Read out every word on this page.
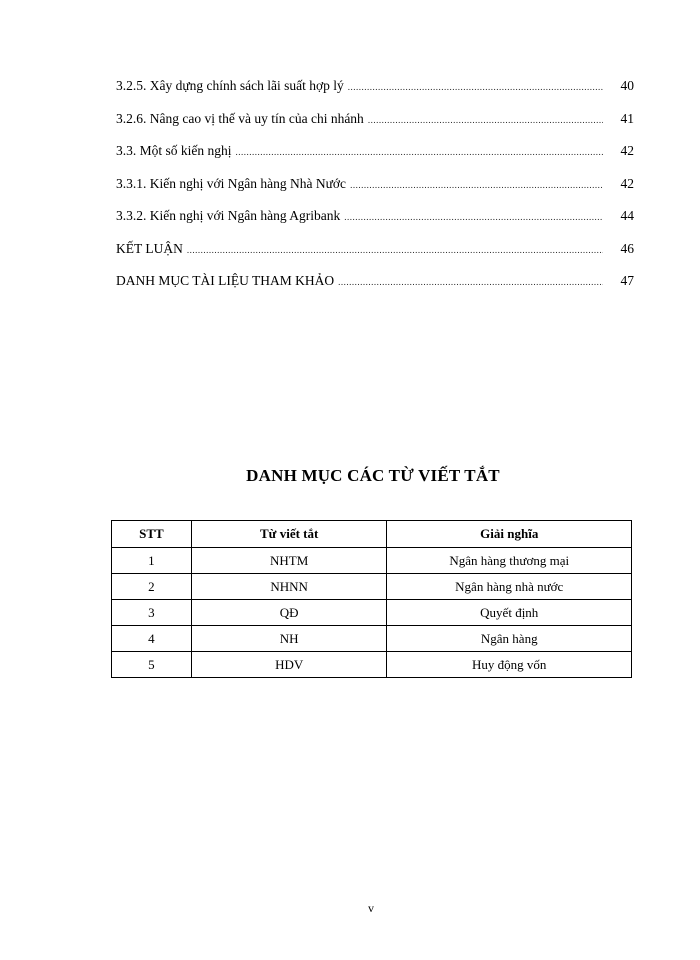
3.2.5. Xây dựng chính sách lãi suất hợp lý .....	40
3.2.6. Nâng cao vị thế và uy tín của chi nhánh .....	41
3.3. Một số kiến nghị .....	42
3.3.1. Kiến nghị với Ngân hàng Nhà Nước .....	42
3.3.2. Kiến nghị với Ngân hàng Agribank .....	44
KẾT LUẬN .....	46
DANH MỤC TÀI LIỆU THAM KHẢO .....	47
DANH MỤC CÁC TỪ VIẾT TẮT
STT	Từ viết tắt	Giải nghĩa
1	NHTM	Ngân hàng thương mại
2	NHNN	Ngân hàng nhà nước
3	QĐ	Quyết định
4	NH	Ngân hàng
5	HDV	Huy động vốn
v
